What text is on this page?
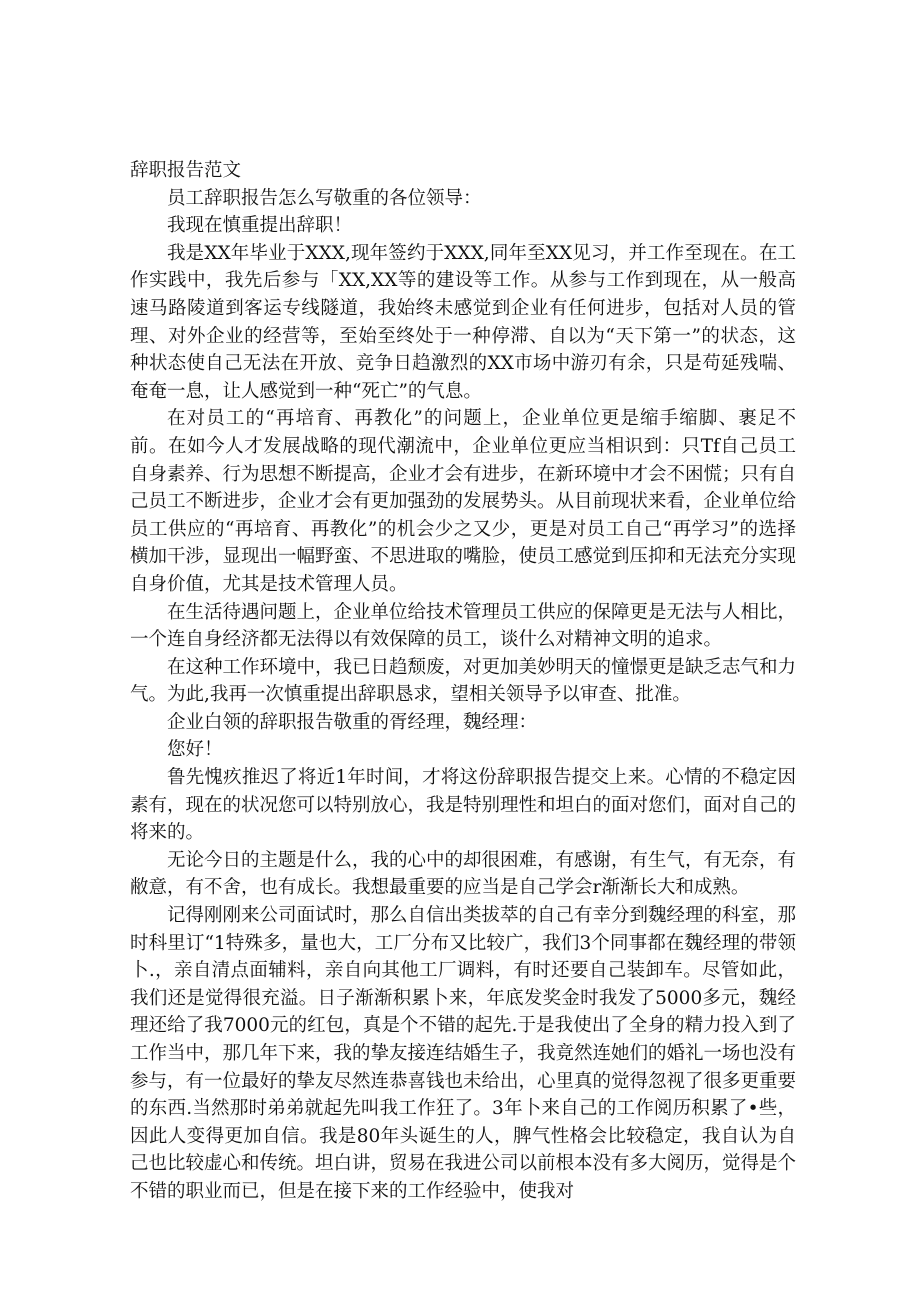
辞职报告范文

员工辞职报告怎么写敬重的各位领导：

我现在慎重提出辞职！

我是XX年毕业于XXX,现年签约于XXX,同年至XX见习，并工作至现在。在工作实践中，我先后参与「XX,XX等的建设等工作。从参与工作到现在，从一般高速马路陵道到客运专线隧道，我始终未感觉到企业有任何进步，包括对人员的管理、对外企业的经营等，至始至终处于一种停滞、自以为“天下第一”的状态，这种状态使自己无法在开放、竞争日趋激烈的XX市场中游刃有余，只是苟延残喘、奄奄一息，让人感觉到一种“死亡”的气息。

在对员工的“再培育、再教化”的问题上，企业单位更是缩手缩脚、裹足不前。在如今人才发展战略的现代潮流中，企业单位更应当相识到：只Tf自己员工自身素养、行为思想不断提高，企业才会有进步，在新环境中才会不困慌；只有自己员工不断进步，企业才会有更加强劲的发展势头。从目前现状来看，企业单位给员工供应的“再培育、再教化”的机会少之又少，更是对员工自己“再学习”的选择横加干涉，显现出一幅野蛮、不思进取的嘴脸，使员工感觉到压抑和无法充分实现自身价值，尤其是技术管理人员。

在生活待遇问题上，企业单位给技术管理员工供应的保障更是无法与人相比，一个连自身经济都无法得以有效保障的员工，谈什么对精神文明的追求。

在这种工作环境中，我已日趋颓废，对更加美妙明天的憧憬更是缺乏志气和力气。为此,我再一次慎重提出辞职恳求，望相关领导予以审查、批准。

企业白领的辞职报告敬重的胥经理，魏经理：

您好！

鲁先愧疚推迟了将近1年时间，才将这份辞职报告提交上来。心情的不稳定因素有，现在的状况您可以特别放心，我是特别理性和坦白的面对您们，面对自己的将来的。

无论今日的主题是什么，我的心中的却很困难，有感谢，有生气，有无奈，有敝意，有不舍，也有成长。我想最重要的应当是自己学会r渐渐长大和成熟。

记得刚刚来公司面试时，那么自信出类拔萃的自己有幸分到魏经理的科室，那时科里订“1特殊多，量也大，工厂分布又比较广，我们3个同事都在魏经理的带领卜.，亲自清点面辅料，亲自向其他工厂调料，有时还要自己装卸车。尽管如此，我们还是觉得很充溢。日子渐渐积累卜来，年底发奖金时我发了5000多元，魏经理还给了我7000元的红包，真是个不错的起先.于是我使出了全身的精力投入到了工作当中，那几年下来，我的挚友接连结婚生子，我竟然连她们的婚礼一场也没有参与，有一位最好的挚友尽然连恭喜钱也未给出，心里真的觉得忽视了很多更重要的东西.当然那时弟弟就起先叫我工作狂了。3年卜来自己的工作阅历积累了•些，因此人变得更加自信。我是80年头诞生的人，脾气性格会比较稳定，我自认为自己也比较虚心和传统。坦白讲，贸易在我进公司以前根本没有多大阅历，觉得是个不错的职业而已，但是在接下来的工作经验中，使我对
